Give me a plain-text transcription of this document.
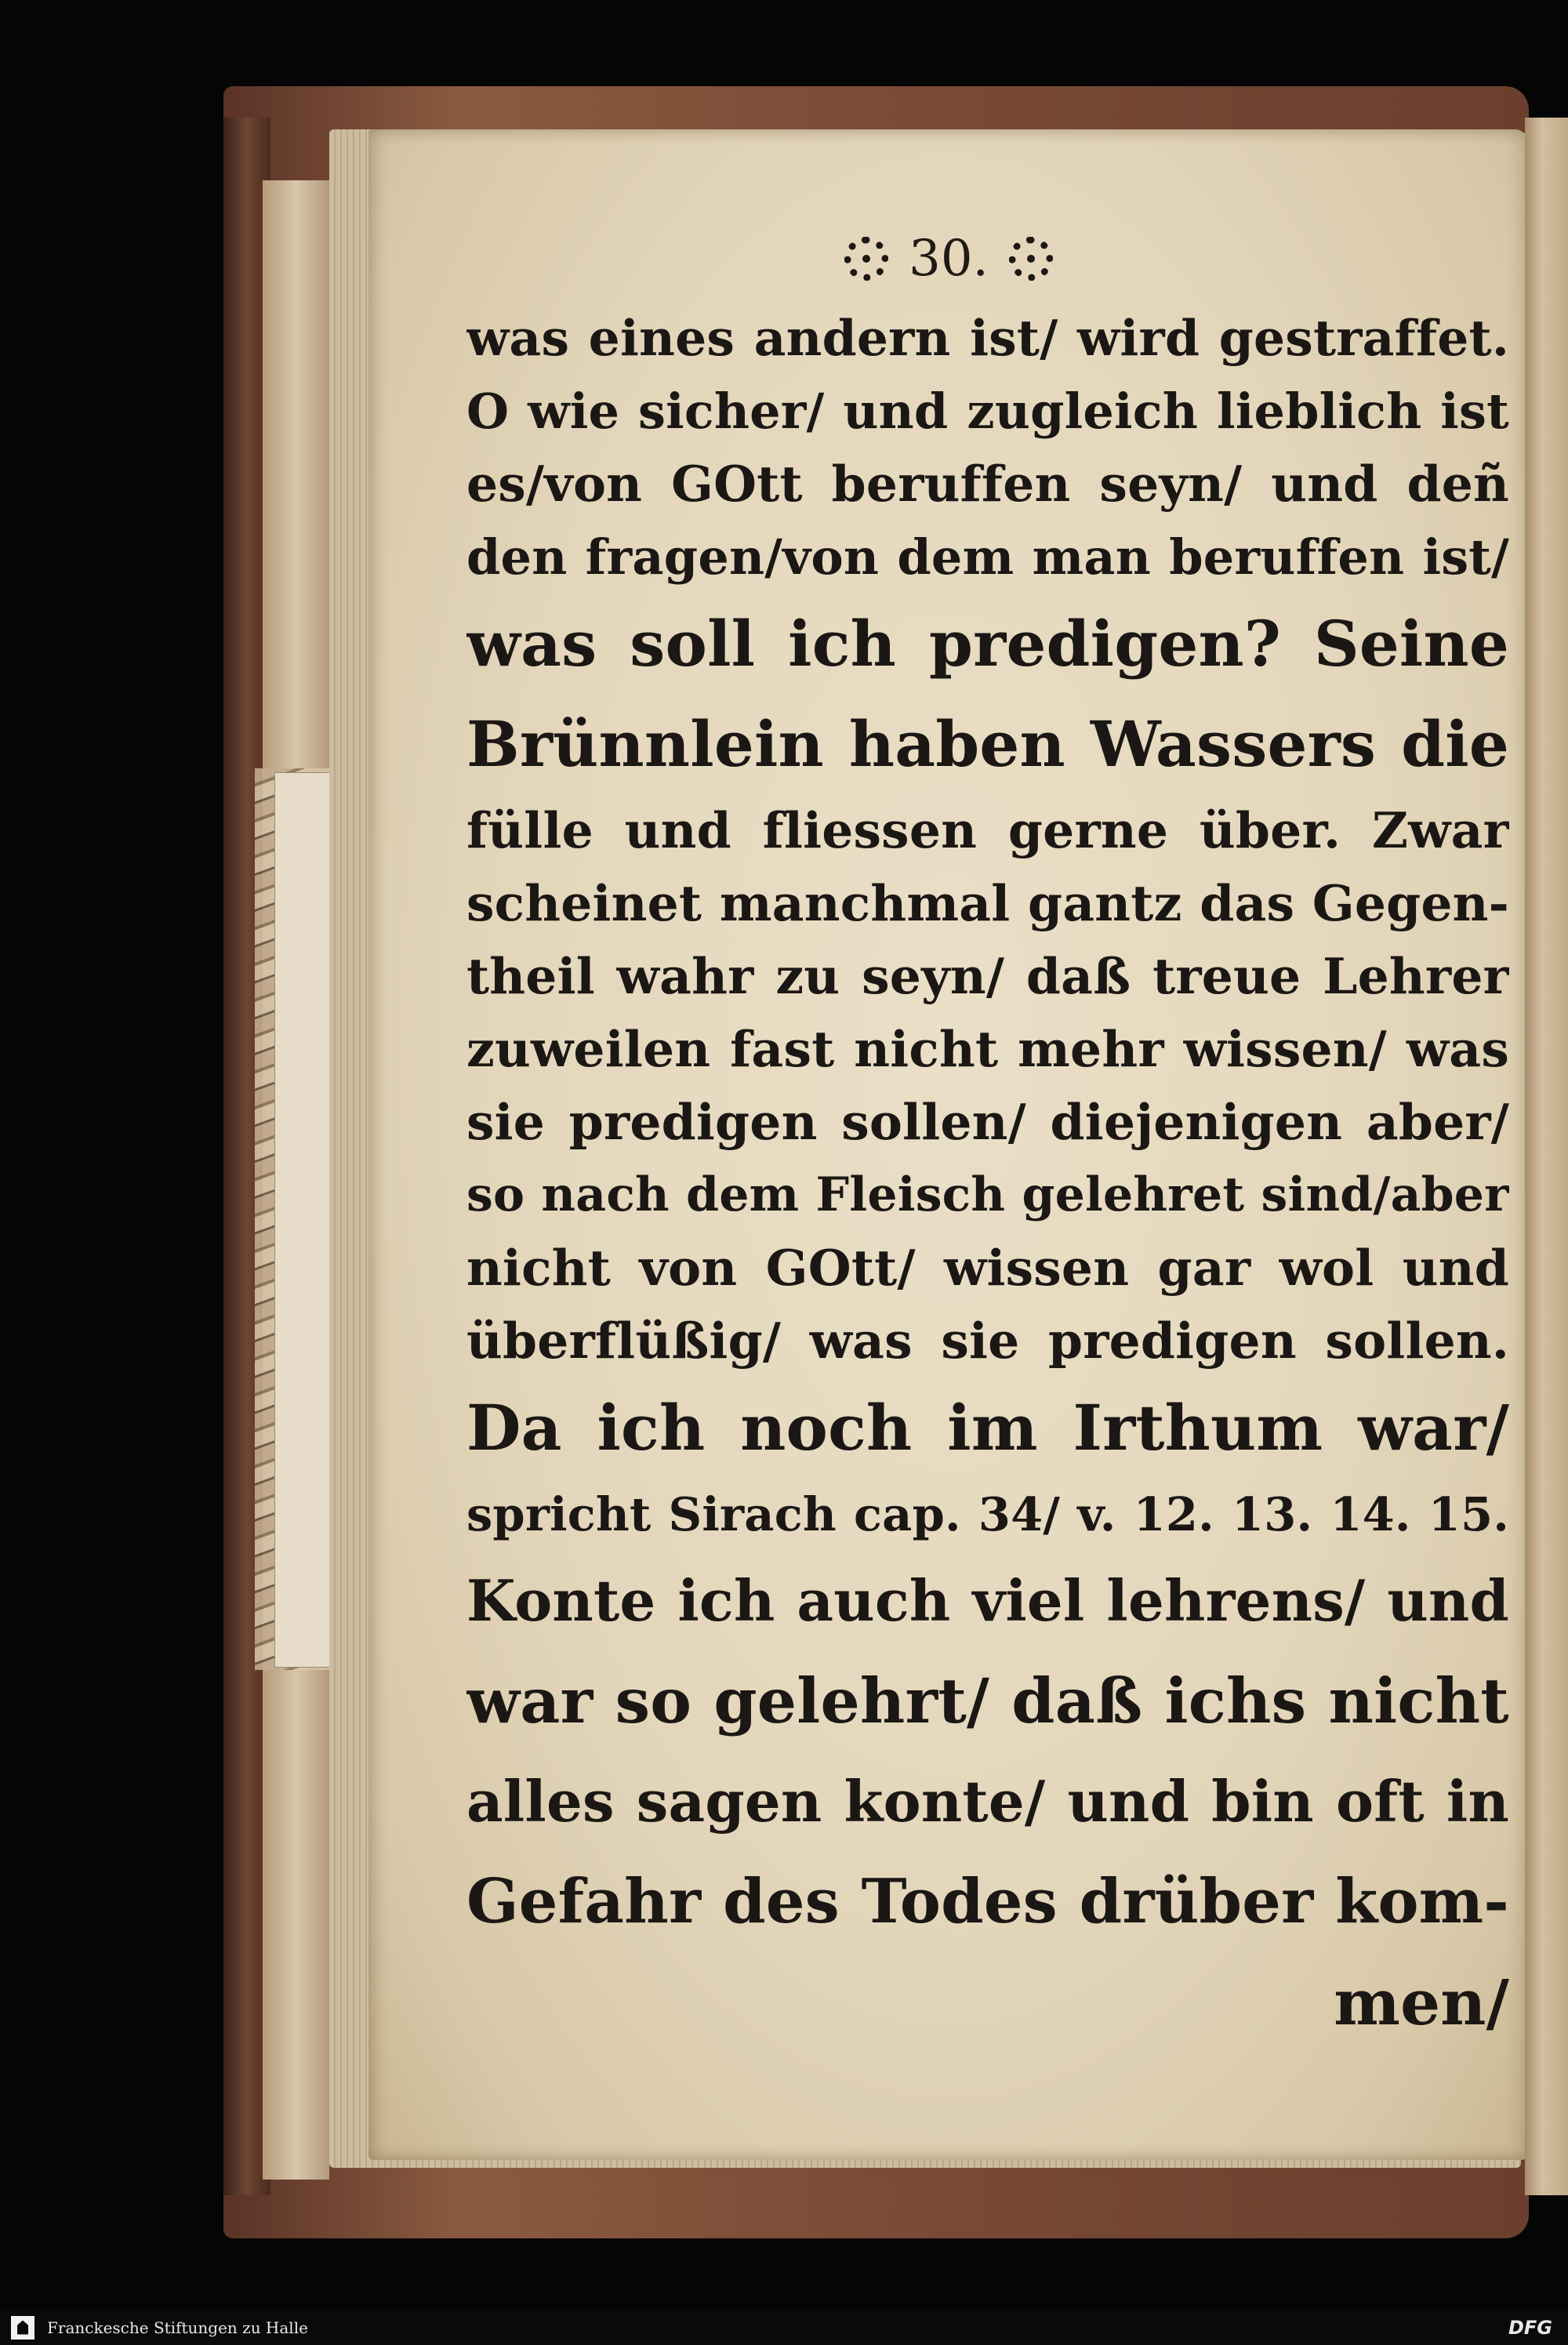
30.
was eines andern ist/ wird gestraffet.
O wie sicher/ und zugleich lieblich ist
es/von GOtt beruffen seyn/ und deñ
den fragen/von dem man beruffen ist/
was soll ich predigen? Seine
Brünnlein haben Wassers die
fülle und fliessen gerne über. Zwar
scheinet manchmal gantz das Gegen-
theil wahr zu seyn/ daß treue Lehrer
zuweilen fast nicht mehr wissen/ was
sie predigen sollen/ diejenigen aber/
so nach dem Fleisch gelehret sind/aber
nicht von GOtt/ wissen gar wol und
überflüßig/ was sie predigen sollen.
Da ich noch im Irthum war/
spricht Sirach cap. 34/ v. 12. 13. 14. 15.
Konte ich auch viel lehrens/ und
war so gelehrt/ daß ichs nicht
alles sagen konte/ und bin oft in
Gefahr des Todes drüber kom-
men/
Franckesche Stiftungen zu Halle	DFG
